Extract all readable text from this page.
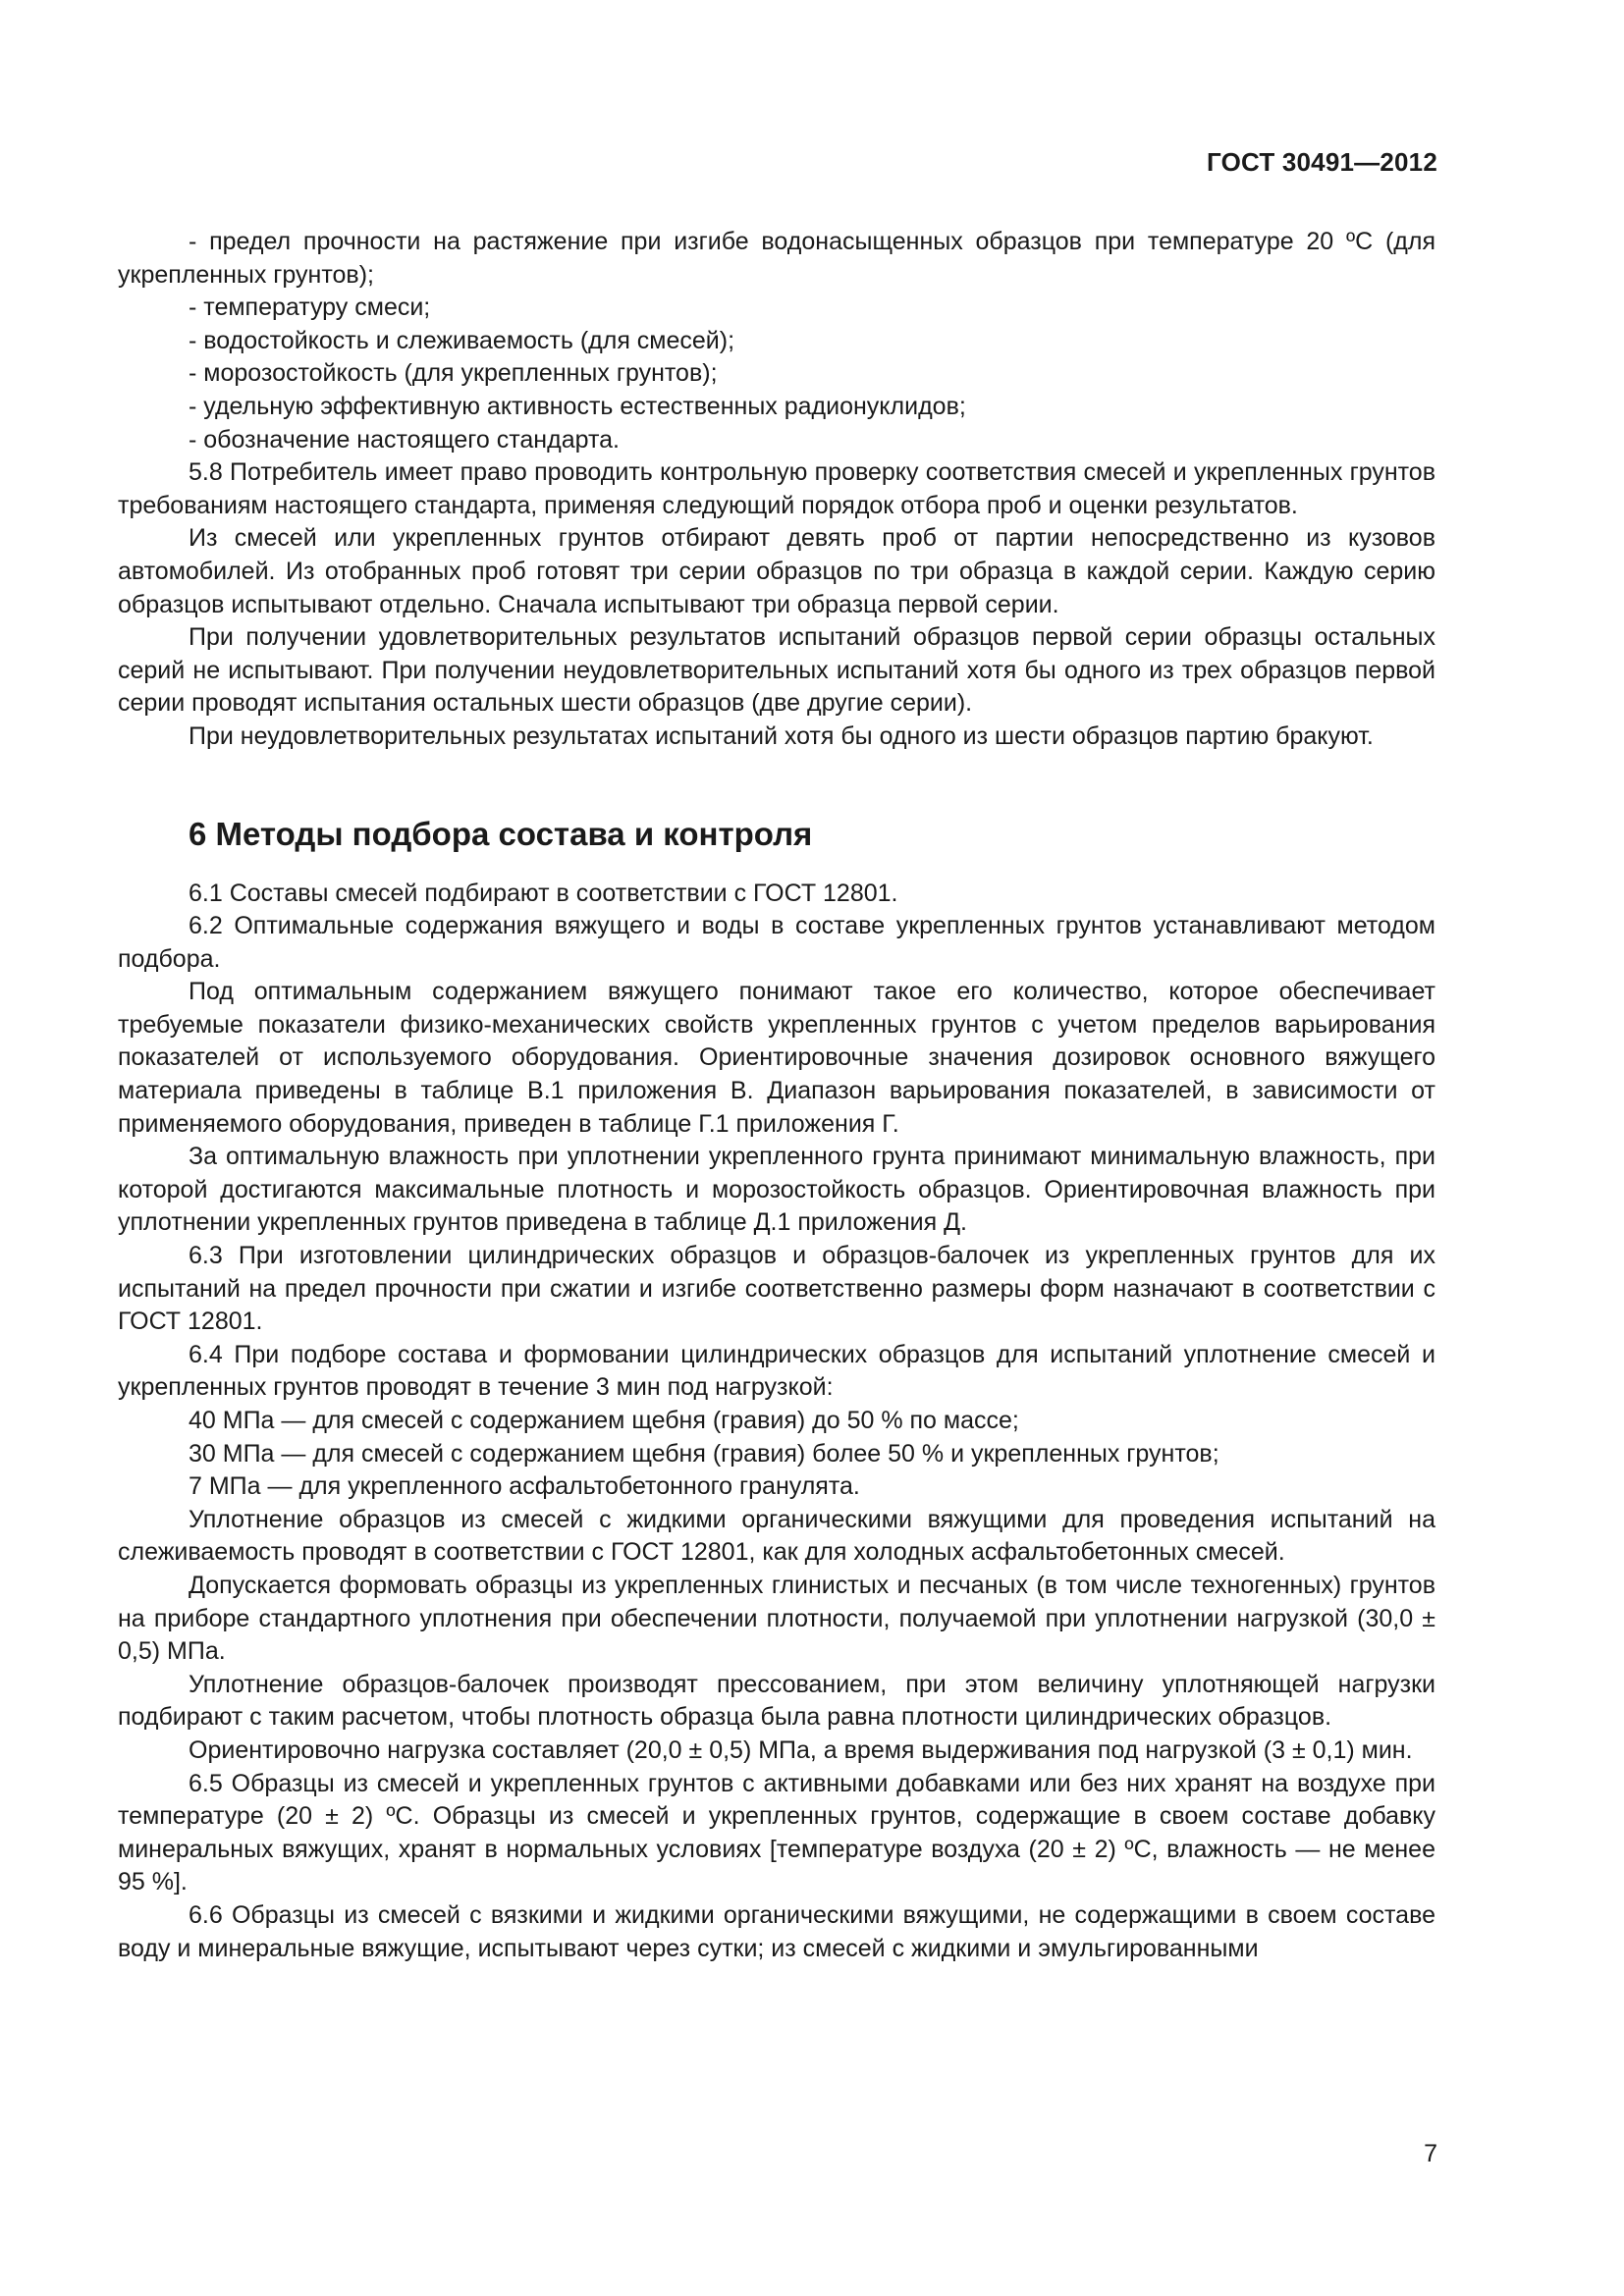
ГОСТ 30491—2012

- предел прочности на растяжение при изгибе водонасыщенных образцов при температуре 20 ºC (для укрепленных грунтов);

- температуру смеси;

- водостойкость и слеживаемость (для смесей);

- морозостойкость (для укрепленных грунтов);

- удельную эффективную активность естественных радионуклидов;

- обозначение настоящего стандарта.

5.8 Потребитель имеет право проводить контрольную проверку соответствия смесей и укрепленных грунтов требованиям настоящего стандарта, применяя следующий порядок отбора проб и оценки результатов.

Из смесей или укрепленных грунтов отбирают девять проб от партии непосредственно из кузовов автомобилей. Из отобранных проб готовят три серии образцов по три образца в каждой серии. Каждую серию образцов испытывают отдельно. Сначала испытывают три образца первой серии.

При получении удовлетворительных результатов испытаний образцов первой серии образцы остальных серий не испытывают. При получении неудовлетворительных испытаний хотя бы одного из трех образцов первой серии проводят испытания остальных шести образцов (две другие серии).

При неудовлетворительных результатах испытаний хотя бы одного из шести образцов партию бракуют.

6 Методы подбора состава и контроля

6.1 Составы смесей подбирают в соответствии с ГОСТ 12801.

6.2 Оптимальные содержания вяжущего и воды в составе укрепленных грунтов устанавливают методом подбора.

Под оптимальным содержанием вяжущего понимают такое его количество, которое обеспечивает требуемые показатели физико-механических свойств укрепленных грунтов с учетом пределов варьирования показателей от используемого оборудования. Ориентировочные значения дозировок основного вяжущего материала приведены в таблице В.1 приложения В. Диапазон варьирования показателей, в зависимости от применяемого оборудования, приведен в таблице Г.1 приложения Г.

За оптимальную влажность при уплотнении укрепленного грунта принимают минимальную влажность, при которой достигаются максимальные плотность и морозостойкость образцов. Ориентировочная влажность при уплотнении укрепленных грунтов приведена в таблице Д.1 приложения Д.

6.3 При изготовлении цилиндрических образцов и образцов-балочек из укрепленных грунтов для их испытаний на предел прочности при сжатии и изгибе соответственно размеры форм назначают в соответствии с ГОСТ 12801.

6.4 При подборе состава и формовании цилиндрических образцов для испытаний уплотнение смесей и укрепленных грунтов проводят в течение 3 мин под нагрузкой:

40 МПа — для смесей с содержанием щебня (гравия) до 50 % по массе;

30 МПа — для смесей с содержанием щебня (гравия) более 50 % и укрепленных грунтов;

7 МПа — для укрепленного асфальтобетонного гранулята.

Уплотнение образцов из смесей с жидкими органическими вяжущими для проведения испытаний на слеживаемость проводят в соответствии с ГОСТ 12801, как для холодных асфальтобетонных смесей.

Допускается формовать образцы из укрепленных глинистых и песчаных (в том числе техногенных) грунтов на приборе стандартного уплотнения при обеспечении плотности, получаемой при уплотнении нагрузкой (30,0 ± 0,5) МПа.

Уплотнение образцов-балочек производят прессованием, при этом величину уплотняющей нагрузки подбирают с таким расчетом, чтобы плотность образца была равна плотности цилиндрических образцов.

Ориентировочно нагрузка составляет (20,0 ± 0,5) МПа, а время выдерживания под нагрузкой (3 ± 0,1) мин.

6.5 Образцы из смесей и укрепленных грунтов с активными добавками или без них хранят на воздухе при температуре (20 ± 2) ºC. Образцы из смесей и укрепленных грунтов, содержащие в своем составе добавку минеральных вяжущих, хранят в нормальных условиях [температуре воздуха (20 ± 2) ºC, влажность — не менее 95 %].

6.6 Образцы из смесей с вязкими и жидкими органическими вяжущими, не содержащими в своем составе воду и минеральные вяжущие, испытывают через сутки; из смесей с жидкими и эмульгированными

7
